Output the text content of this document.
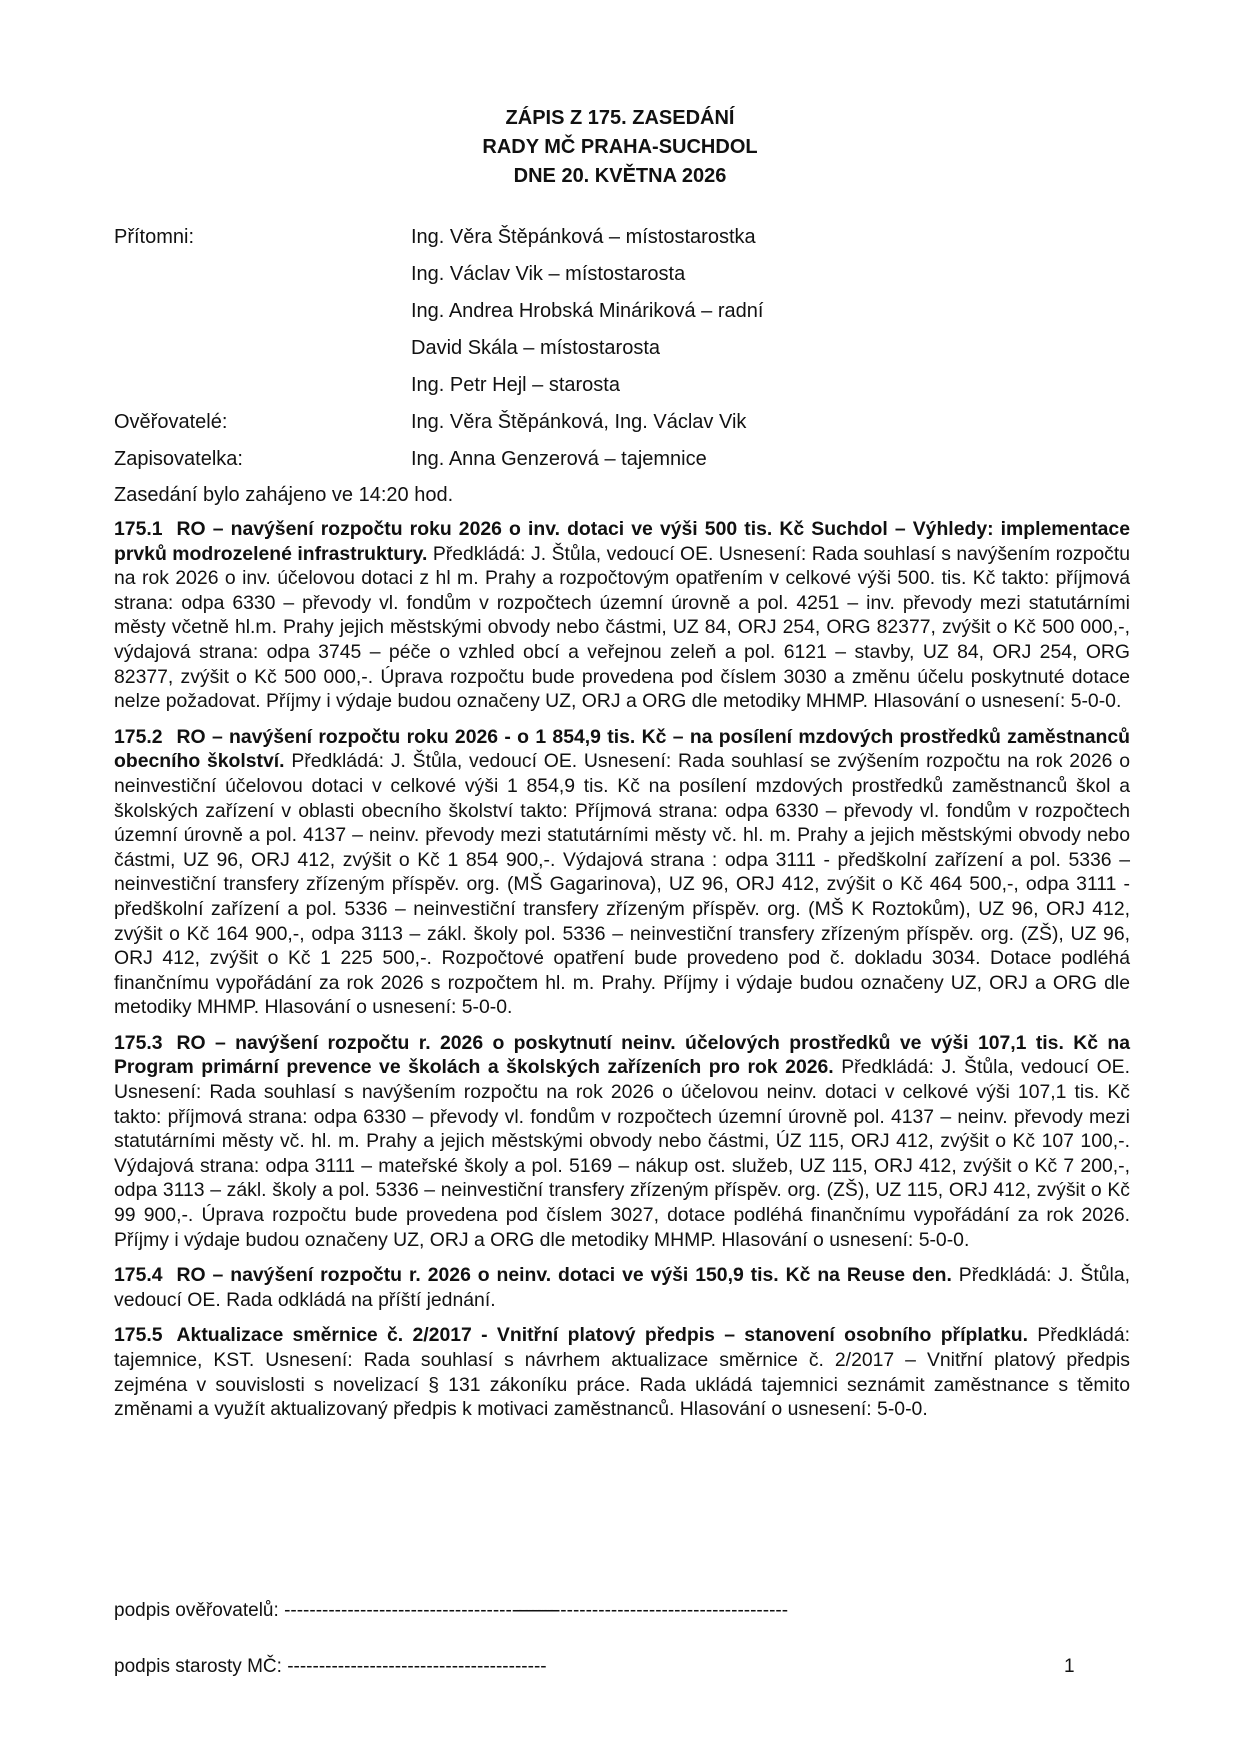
ZÁPIS Z 175. ZASEDÁNÍ
RADY MČ PRAHA-SUCHDOL
DNE 20. KVĚTNA 2026
Přítomni:	Ing. Věra Štěpánková – místostarostka
Ing. Václav Vik – místostarosta
Ing. Andrea Hrobská Mináriková – radní
David Skála – místostarosta
Ing. Petr Hejl – starosta
Ověřovatelé:	Ing. Věra Štěpánková, Ing. Václav Vik
Zapisovatelka:	Ing. Anna Genzerová – tajemnice
Zasedání bylo zahájeno ve 14:20 hod.

175.1 RO – navýšení rozpočtu roku 2026 o inv. dotaci ve výši 500 tis. Kč Suchdol – Výhledy: implementace prvků modrozelené infrastruktury. Předkládá: J. Štůla, vedoucí OE. Usnesení: Rada souhlasí s navýšením rozpočtu na rok 2026 o inv. účelovou dotaci z hl m. Prahy a rozpočtovým opatřením v celkové výši 500. tis. Kč takto: příjmová strana: odpa 6330 – převody vl. fondům v rozpočtech územní úrovně a pol. 4251 – inv. převody mezi statutárními městy včetně hl.m. Prahy jejich městskými obvody nebo částmi, UZ 84, ORJ 254, ORG 82377, zvýšit o Kč 500 000,-, výdajová strana: odpa 3745 – péče o vzhled obcí a veřejnou zeleň a pol. 6121 – stavby, UZ 84, ORJ 254, ORG 82377, zvýšit o Kč 500 000,-. Úprava rozpočtu bude provedena pod číslem 3030 a změnu účelu poskytnuté dotace nelze požadovat. Příjmy i výdaje budou označeny UZ, ORJ a ORG dle metodiky MHMP. Hlasování o usnesení: 5-0-0.

175.2 RO – navýšení rozpočtu roku 2026 - o 1 854,9 tis. Kč – na posílení mzdových prostředků zaměstnanců obecního školství. Předkládá: J. Štůla, vedoucí OE. Usnesení: Rada souhlasí se zvýšením rozpočtu na rok 2026 o neinvestiční účelovou dotaci v celkové výši 1 854,9 tis. Kč na posílení mzdových prostředků zaměstnanců škol a školských zařízení v oblasti obecního školství takto: Příjmová strana: odpa 6330 – převody vl. fondům v rozpočtech územní úrovně a pol. 4137 – neinv. převody mezi statutárními městy vč. hl. m. Prahy a jejich městskými obvody nebo částmi, UZ 96, ORJ 412, zvýšit o Kč 1 854 900,-. Výdajová strana : odpa 3111 - předškolní zařízení a pol. 5336 – neinvestiční transfery zřízeným příspěv. org. (MŠ Gagarinova), UZ 96, ORJ 412, zvýšit o Kč 464 500,-, odpa 3111 - předškolní zařízení a pol. 5336 – neinvestiční transfery zřízeným příspěv. org. (MŠ K Roztokům), UZ 96, ORJ 412, zvýšit o Kč 164 900,-, odpa 3113 – zákl. školy pol. 5336 – neinvestiční transfery zřízeným příspěv. org. (ZŠ), UZ 96, ORJ 412, zvýšit o Kč 1 225 500,-. Rozpočtové opatření bude provedeno pod č. dokladu 3034. Dotace podléhá finančnímu vypořádání za rok 2026 s rozpočtem hl. m. Prahy. Příjmy i výdaje budou označeny UZ, ORJ a ORG dle metodiky MHMP. Hlasování o usnesení: 5-0-0.

175.3 RO – navýšení rozpočtu r. 2026 o poskytnutí neinv. účelových prostředků ve výši 107,1 tis. Kč na Program primární prevence ve školách a školských zařízeních pro rok 2026. Předkládá: J. Štůla, vedoucí OE. Usnesení: Rada souhlasí s navýšením rozpočtu na rok 2026 o účelovou neinv. dotaci v celkové výši 107,1 tis. Kč takto: příjmová strana: odpa 6330 – převody vl. fondům v rozpočtech územní úrovně pol. 4137 – neinv. převody mezi statutárními městy vč. hl. m. Prahy a jejich městskými obvody nebo částmi, ÚZ 115, ORJ 412, zvýšit o Kč 107 100,-. Výdajová strana: odpa 3111 – mateřské školy a pol. 5169 – nákup ost. služeb, UZ 115, ORJ 412, zvýšit o Kč 7 200,-, odpa 3113 – zákl. školy a pol. 5336 – neinvestiční transfery zřízeným příspěv. org. (ZŠ), UZ 115, ORJ 412, zvýšit o Kč 99 900,-. Úprava rozpočtu bude provedena pod číslem 3027, dotace podléhá finančnímu vypořádání za rok 2026. Příjmy i výdaje budou označeny UZ, ORJ a ORG dle metodiky MHMP. Hlasování o usnesení: 5-0-0.

175.4 RO – navýšení rozpočtu r. 2026 o neinv. dotaci ve výši 150,9 tis. Kč na Reuse den. Předkládá: J. Štůla, vedoucí OE. Rada odkládá na příští jednání.

175.5 Aktualizace směrnice č. 2/2017 - Vnitřní platový předpis – stanovení osobního příplatku. Předkládá: tajemnice, KST. Usnesení: Rada souhlasí s návrhem aktualizace směrnice č. 2/2017 – Vnitřní platový předpis zejména v souvislosti s novelizací § 131 zákoníku práce. Rada ukládá tajemnici seznámit zaměstnance s těmito změnami a využít aktualizovaný předpis k motivaci zaměstnanců. Hlasování o usnesení: 5-0-0.

podpis ověřovatelů: -------------------------------------------
-------------------------------------------
podpis starosty MČ: -----------------------------------------	1
